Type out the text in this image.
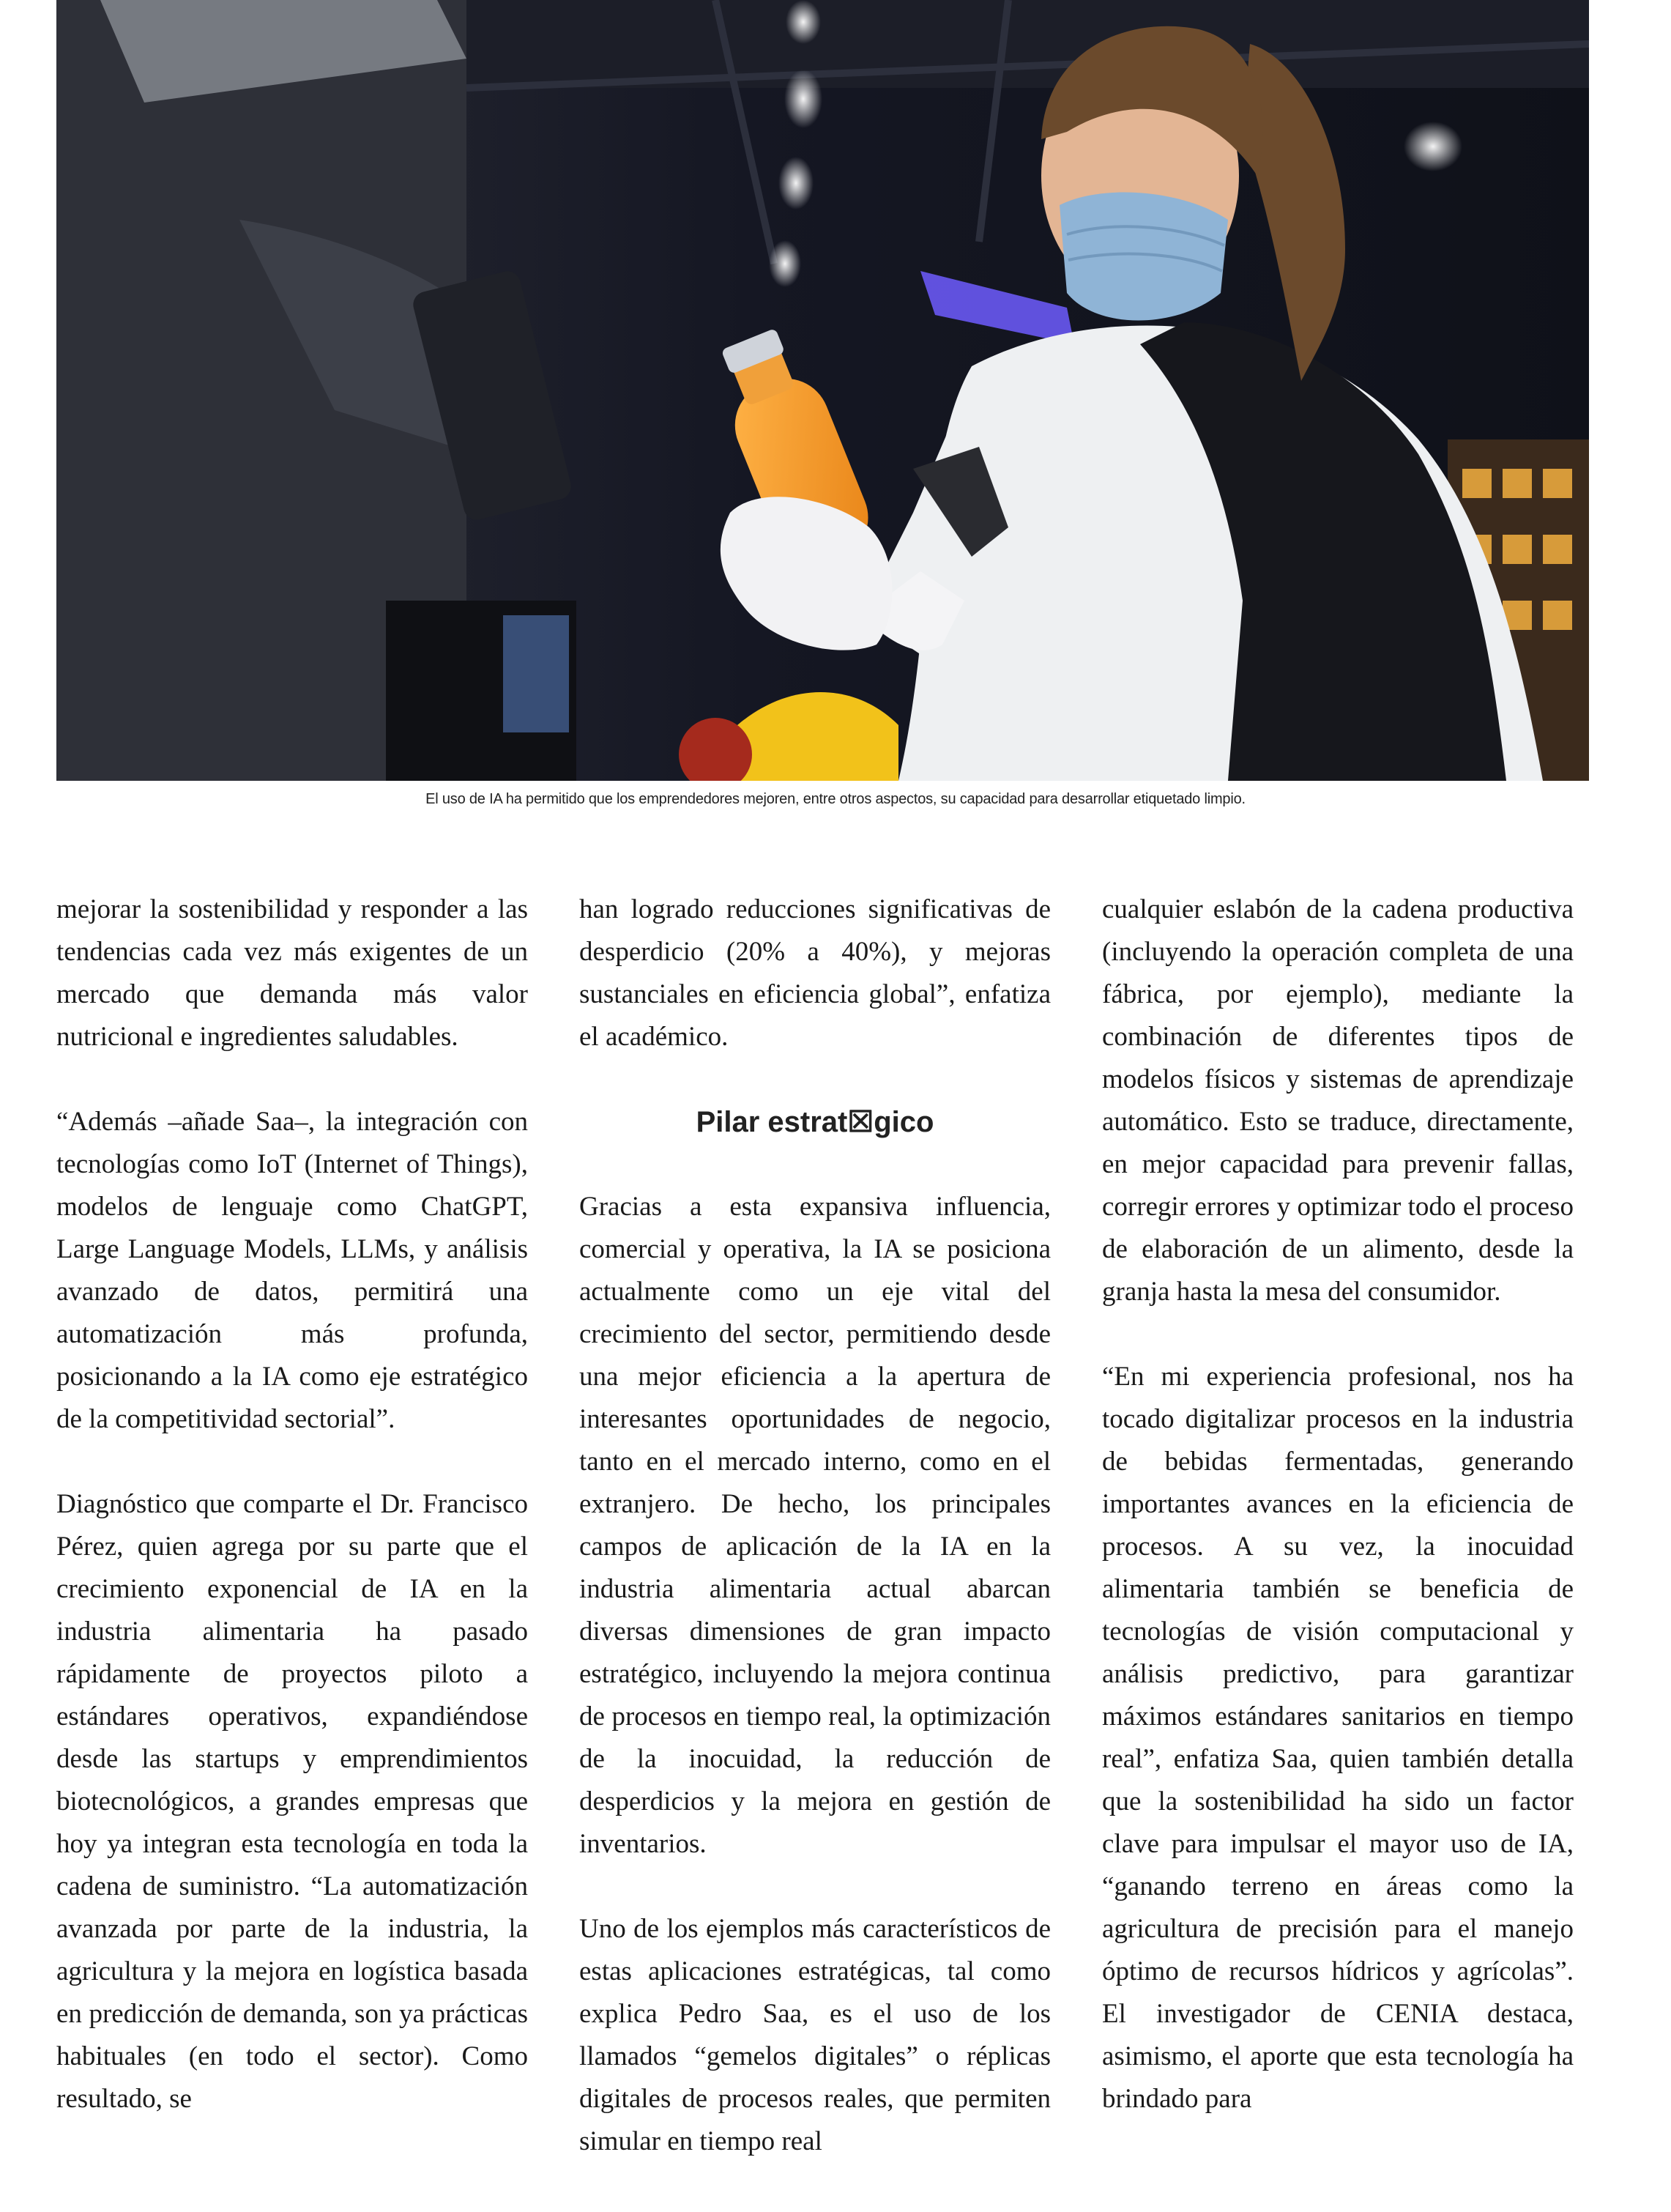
El uso de IA ha permitido que los emprendedores mejoren, entre otros aspectos, su capacidad para desarrollar etiquetado limpio.

mejorar la sostenibilidad y responder a las tendencias cada vez más exigentes de un mercado que demanda más valor nutricional e ingredientes saludables.

“Además –añade Saa–, la integración con tecnologías como IoT (Internet of Things), modelos de lenguaje como ChatGPT, Large Language Models, LLMs, y análisis avanzado de datos, permitirá una automatización más profunda, posicionando a la IA como eje estratégico de la competitividad sectorial”.

Diagnóstico que comparte el Dr. Francisco Pérez, quien agrega por su parte que el crecimiento exponencial de IA en la industria alimentaria ha pasado rápidamente de proyectos piloto a estándares operativos, expandiéndose desde las startups y emprendimientos biotecnológicos, a grandes empresas que hoy ya integran esta tecnología en toda la cadena de suministro. “La automatización avanzada por parte de la industria, la agricultura y la mejora en logística basada en predicción de demanda, son ya prácticas habituales (en todo el sector). Como resultado, se

han logrado reducciones significativas de desperdicio (20% a 40%), y mejoras sustanciales en eficiencia global”, enfatiza el académico.

Pilar estrat☒gico

Gracias a esta expansiva influencia, comercial y operativa, la IA se posiciona actualmente como un eje vital del crecimiento del sector, permitiendo desde una mejor eficiencia a la apertura de interesantes oportunidades de negocio, tanto en el mercado interno, como en el extranjero. De hecho, los principales campos de aplicación de la IA en la industria alimentaria actual abarcan diversas dimensiones de gran impacto estratégico, incluyendo la mejora continua de procesos en tiempo real, la optimización de la inocuidad, la reducción de desperdicios y la mejora en gestión de inventarios.

Uno de los ejemplos más característicos de estas aplicaciones estratégicas, tal como explica Pedro Saa, es el uso de los llamados “gemelos digitales” o réplicas digitales de procesos reales, que permiten simular en tiempo real

cualquier eslabón de la cadena productiva (incluyendo la operación completa de una fábrica, por ejemplo), mediante la combinación de diferentes tipos de modelos físicos y sistemas de aprendizaje automático. Esto se traduce, directamente, en mejor capacidad para prevenir fallas, corregir errores y optimizar todo el proceso de elaboración de un alimento, desde la granja hasta la mesa del consumidor.

“En mi experiencia profesional, nos ha tocado digitalizar procesos en la industria de bebidas fermentadas, generando importantes avances en la eficiencia de procesos. A su vez, la inocuidad alimentaria también se beneficia de tecnologías de visión computacional y análisis predictivo, para garantizar máximos estándares sanitarios en tiempo real”, enfatiza Saa, quien también detalla que la sostenibilidad ha sido un factor clave para impulsar el mayor uso de IA, “ganando terreno en áreas como la agricultura de precisión para el manejo óptimo de recursos hídricos y agrícolas”. El investigador de CENIA destaca, asimismo, el aporte que esta tecnología ha brindado para
